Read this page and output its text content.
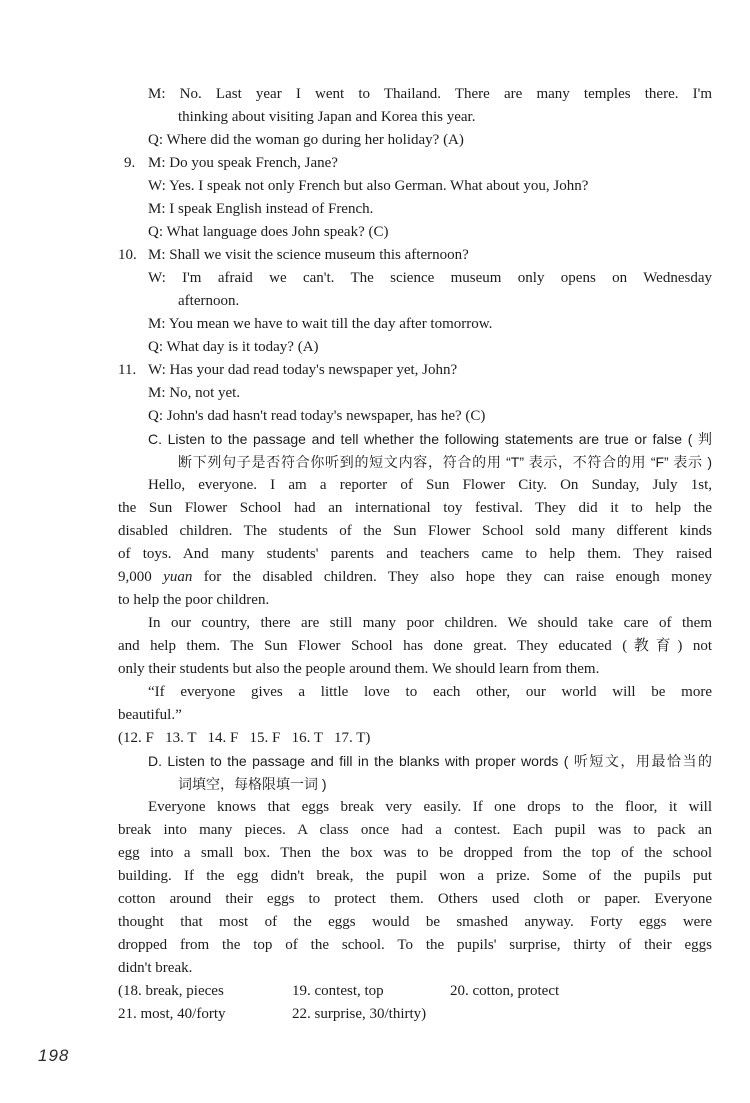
M: No. Last year I went to Thailand. There are many temples there. I'm
thinking about visiting Japan and Korea this year.
Q: Where did the woman go during her holiday? (A)
9. M: Do you speak French, Jane?
W: Yes. I speak not only French but also German. What about you, John?
M: I speak English instead of French.
Q: What language does John speak? (C)
10. M: Shall we visit the science museum this afternoon?
W: I'm afraid we can't. The science museum only opens on Wednesday
afternoon.
M: You mean we have to wait till the day after tomorrow.
Q: What day is it today? (A)
11. W: Has your dad read today's newspaper yet, John?
M: No, not yet.
Q: John's dad hasn't read today's newspaper, has he? (C)
C. Listen to the passage and tell whether the following statements are true or false ( 判
断下列句子是否符合你听到的短文内容，符合的用 “T” 表示，不符合的用 “F” 表示 )
Hello, everyone. I am a reporter of Sun Flower City. On Sunday, July 1st,
the Sun Flower School had an international toy festival. They did it to help the
disabled children. The students of the Sun Flower School sold many different kinds
of toys. And many students' parents and teachers came to help them. They raised
9,000 yuan for the disabled children. They also hope they can raise enough money
to help the poor children.
In our country, there are still many poor children. We should take care of them
and help them. The Sun Flower School has done great. They educated (教育) not
only their students but also the people around them. We should learn from them.
“If everyone gives a little love to each other, our world will be more
beautiful.”
(12. F   13. T   14. F   15. F   16. T   17. T)
D. Listen to the passage and fill in the blanks with proper words ( 听短文，用最恰当的
词填空，每格限填一词 )
Everyone knows that eggs break very easily. If one drops to the floor, it will
break into many pieces. A class once had a contest. Each pupil was to pack an
egg into a small box. Then the box was to be dropped from the top of the school
building. If the egg didn't break, the pupil won a prize. Some of the pupils put
cotton around their eggs to protect them. Others used cloth or paper. Everyone
thought that most of the eggs would be smashed anyway. Forty eggs were
dropped from the top of the school. To the pupils' surprise, thirty of their eggs
didn't break.
(18. break, pieces	19. contest, top	20. cotton, protect
21. most, 40/forty	22. surprise, 30/thirty)
198
